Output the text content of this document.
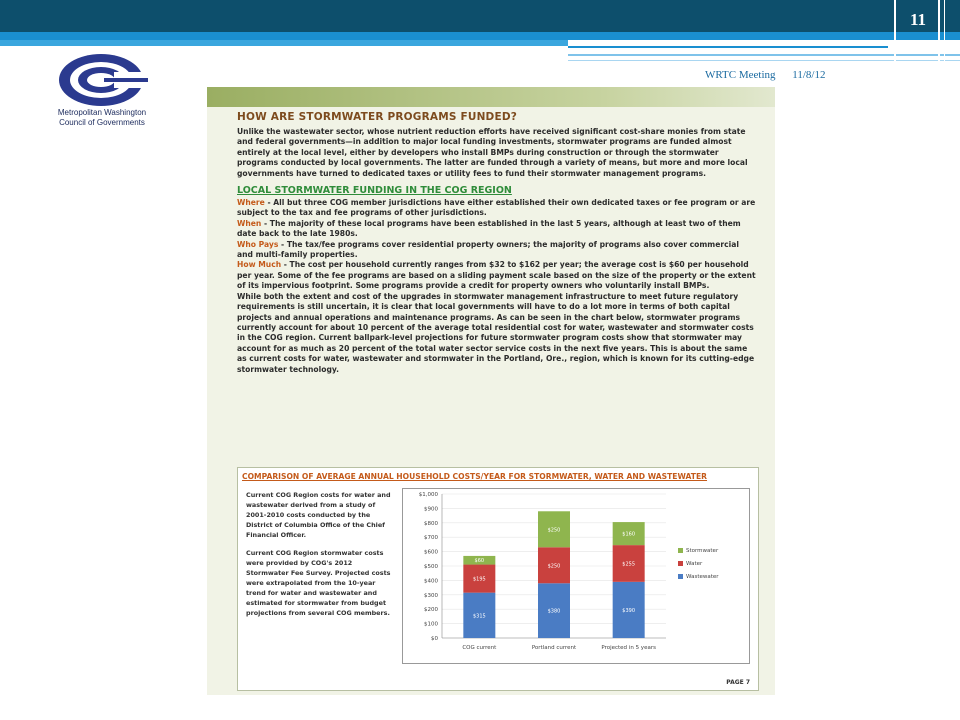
11
WRTC Meeting 11/8/12
Metropolitan Washington
Council of Governments	HOW ARE STORMWATER PROGRAMS FUNDED?

Unlike the wastewater sector, whose nutrient reduction efforts have received significant cost-share monies from state and federal governments—in addition to major local funding investments, stormwater programs are funded almost entirely at the local level, either by developers who install BMPs during construction or through the stormwater programs conducted by local governments. The latter are funded through a variety of means, but more and more local governments have turned to dedicated taxes or utility fees to fund their stormwater management programs.

LOCAL STORMWATER FUNDING IN THE COG REGION

Where - All but three COG member jurisdictions have either established their own dedicated taxes or fee program or are subject to the tax and fee programs of other jurisdictions.

When - The majority of these local programs have been established in the last 5 years, although at least two of them date back to the late 1980s.

Who Pays - The tax/fee programs cover residential property owners; the majority of programs also cover commercial and multi-family properties.

How Much - The cost per household currently ranges from $32 to $162 per year; the average cost is $60 per household per year. Some of the fee programs are based on a sliding payment scale based on the size of the property or the extent of its impervious footprint. Some programs provide a credit for property owners who voluntarily install BMPs.

While both the extent and cost of the upgrades in stormwater management infrastructure to meet future regulatory requirements is still uncertain, it is clear that local governments will have to do a lot more in terms of both capital projects and annual operations and maintenance programs. As can be seen in the chart below, stormwater programs currently account for about 10 percent of the average total residential cost for water, wastewater and stormwater costs in the COG region. Current ballpark-level projections for future stormwater program costs show that stormwater may account for as much as 20 percent of the total water sector service costs in the next five years. This is about the same as current costs for water, wastewater and stormwater in the Portland, Ore., region, which is known for its cutting-edge stormwater technology.

COMPARISON OF AVERAGE ANNUAL HOUSEHOLD COSTS/YEAR FOR STORMWATER, WATER AND WASTEWATER

Current COG Region costs for water and wastewater derived from a study of 2001-2010 costs conducted by the District of Columbia Office of the Chief Financial Officer.

Current COG Region stormwater costs were provided by COG's 2012 Stormwater Fee Survey. Projected costs were extrapolated from the 10-year trend for water and wastewater and estimated for stormwater from budget projections from several COG members.

$1,000
$900
$800
$700
$600
$500
$400
$300
$200
$100
$0
$315
$195
$60
COG current
$380
$250
$250
Portland current
$390
$255
$160
Projected in 5 years
Stormwater
Water
Wastewater
PAGE 7
